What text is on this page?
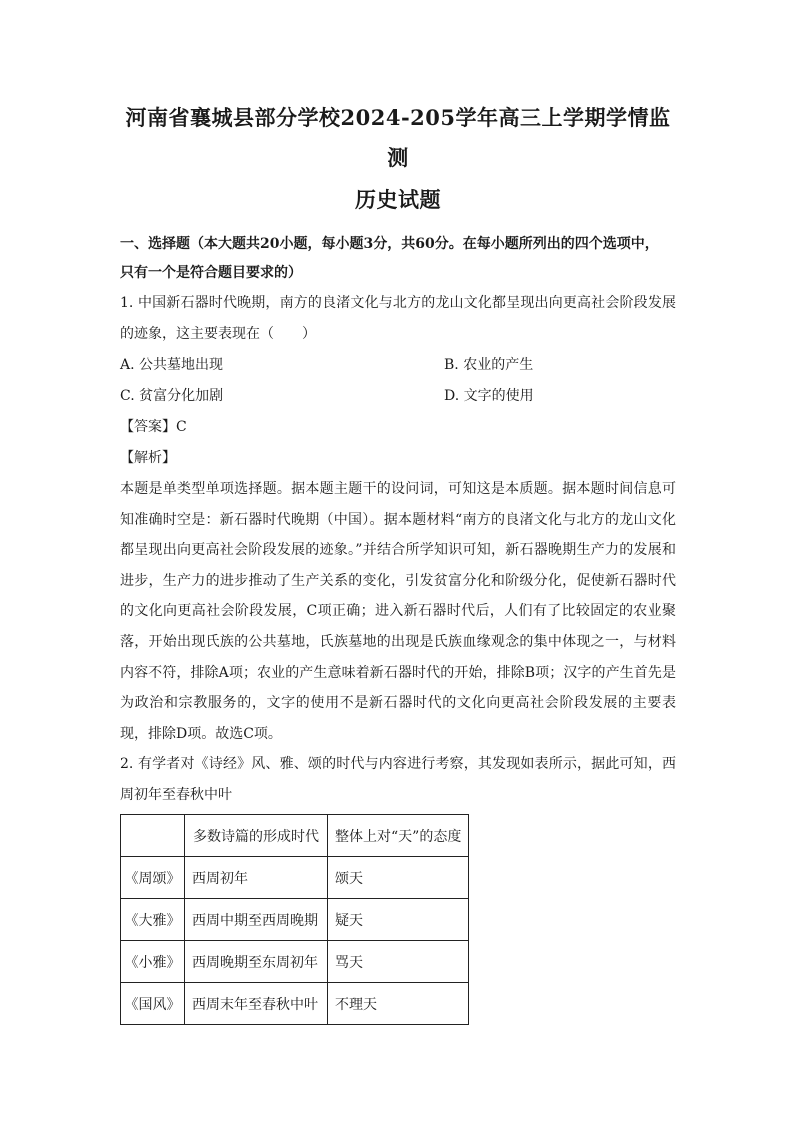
河南省襄城县部分学校2024-205学年高三上学期学情监测
历史试题
一、选择题（本大题共20小题，每小题3分，共60分。在每小题所列出的四个选项中，
只有一个是符合题目要求的）

1. 中国新石器时代晚期，南方的良渚文化与北方的龙山文化都呈现出向更高社会阶段发展的迹象，这主要表现在（　　）

A. 公共墓地出现	B. 农业的产生
C. 贫富分化加剧	D. 文字的使用
【答案】C
【解析】

本题是单类型单项选择题。据本题主题干的设问词，可知这是本质题。据本题时间信息可知准确时空是：新石器时代晚期（中国）。据本题材料“南方的良渚文化与北方的龙山文化都呈现出向更高社会阶段发展的迹象。”并结合所学知识可知，新石器晚期生产力的发展和进步，生产力的进步推动了生产关系的变化，引发贫富分化和阶级分化，促使新石器时代的文化向更高社会阶段发展，C项正确；进入新石器时代后，人们有了比较固定的农业聚落，开始出现氏族的公共墓地，氏族墓地的出现是氏族血缘观念的集中体现之一，与材料内容不符，排除A项；农业的产生意味着新石器时代的开始，排除B项；汉字的产生首先是为政治和宗教服务的，文字的使用不是新石器时代的文化向更高社会阶段发展的主要表现，排除D项。故选C项。

2. 有学者对《诗经》风、雅、颂的时代与内容进行考察，其发现如表所示，据此可知，西周初年至春秋中叶

	多数诗篇的形成时代	整体上对“天”的态度
《周颂》	西周初年	颂天
《大雅》	西周中期至西周晚期	疑天
《小雅》	西周晚期至东周初年	骂天
《国风》	西周末年至春秋中叶	不理天
